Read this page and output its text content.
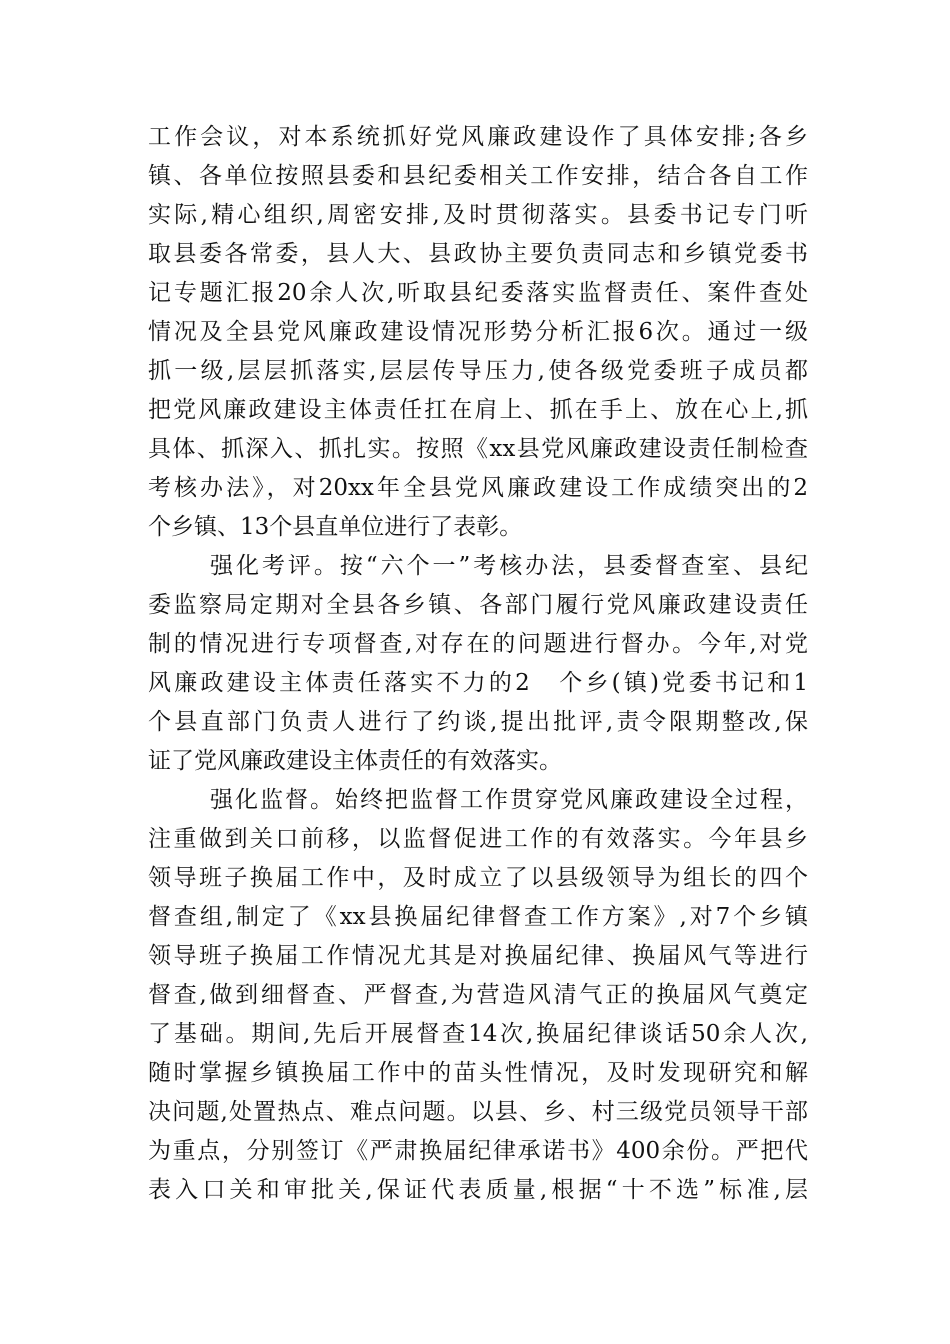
工作会议，对本系统抓好党风廉政建设作了具体安排;各乡
镇、各单位按照县委和县纪委相关工作安排，结合各自工作
实际,精心组织,周密安排,及时贯彻落实。县委书记专门听
取县委各常委，县人大、县政协主要负责同志和乡镇党委书
记专题汇报20余人次,听取县纪委落实监督责任、案件查处
情况及全县党风廉政建设情况形势分析汇报6次。通过一级
抓一级,层层抓落实,层层传导压力,使各级党委班子成员都
把党风廉政建设主体责任扛在肩上、抓在手上、放在心上,抓
具体、抓深入、抓扎实。按照《xx县党风廉政建设责任制检查
考核办法》，对20xx年全县党风廉政建设工作成绩突出的2
个乡镇、13个县直单位进行了表彰。
强化考评。按“六个一”考核办法，县委督查室、县纪
委监察局定期对全县各乡镇、各部门履行党风廉政建设责任
制的情况进行专项督查,对存在的问题进行督办。今年,对党
风廉政建设主体责任落实不力的2　个乡(镇)党委书记和1
个县直部门负责人进行了约谈,提出批评,责令限期整改,保
证了党风廉政建设主体责任的有效落实。
强化监督。始终把监督工作贯穿党风廉政建设全过程，
注重做到关口前移，以监督促进工作的有效落实。今年县乡
领导班子换届工作中，及时成立了以县级领导为组长的四个
督查组,制定了《xx县换届纪律督查工作方案》,对7个乡镇
领导班子换届工作情况尤其是对换届纪律、换届风气等进行
督查,做到细督查、严督查,为营造风清气正的换届风气奠定
了基础。期间,先后开展督查14次,换届纪律谈话50余人次,
随时掌握乡镇换届工作中的苗头性情况，及时发现研究和解
决问题,处置热点、难点问题。以县、乡、村三级党员领导干部
为重点，分别签订《严肃换届纪律承诺书》400余份。严把代
表入口关和审批关,保证代表质量,根据“十不选”标准,层
